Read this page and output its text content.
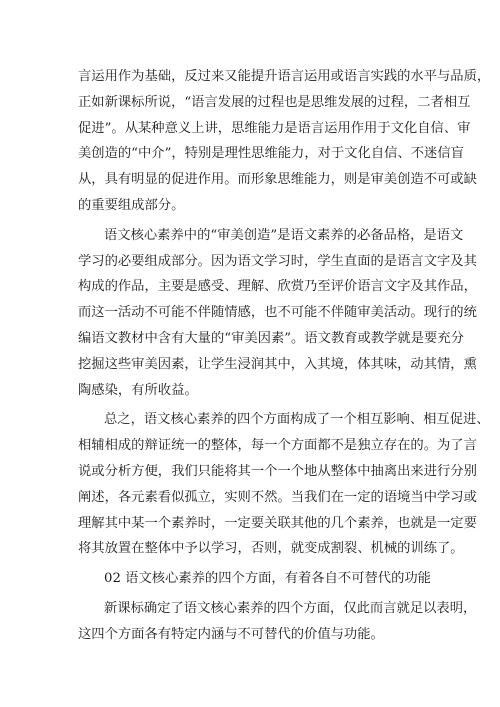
言运用作为基础，反过来又能提升语言运用或语言实践的水平与品质，
正如新课标所说，“语言发展的过程也是思维发展的过程，二者相互
促进”。从某种意义上讲，思维能力是语言运用作用于文化自信、审
美创造的“中介”，特别是理性思维能力，对于文化自信、不迷信盲
从，具有明显的促进作用。而形象思维能力，则是审美创造不可或缺
的重要组成部分。
语文核心素养中的“审美创造”是语文素养的必备品格，是语文
学习的必要组成部分。因为语文学习时，学生直面的是语言文字及其
构成的作品，主要是感受、理解、欣赏乃至评价语言文字及其作品，
而这一活动不可能不伴随情感，也不可能不伴随审美活动。现行的统
编语文教材中含有大量的“审美因素”。语文教育或教学就是要充分
挖掘这些审美因素，让学生浸润其中，入其境，体其味，动其情，熏
陶感染，有所收益。
总之，语文核心素养的四个方面构成了一个相互影响、相互促进、
相辅相成的辩证统一的整体，每一个方面都不是独立存在的。为了言
说或分析方便，我们只能将其一个一个地从整体中抽离出来进行分别
阐述，各元素看似孤立，实则不然。当我们在一定的语境当中学习或
理解其中某一个素养时，一定要关联其他的几个素养，也就是一定要
将其放置在整体中予以学习，否则，就变成割裂、机械的训练了。
02 语文核心素养的四个方面，有着各自不可替代的功能
新课标确定了语文核心素养的四个方面，仅此而言就足以表明，
这四个方面各有特定内涵与不可替代的价值与功能。
